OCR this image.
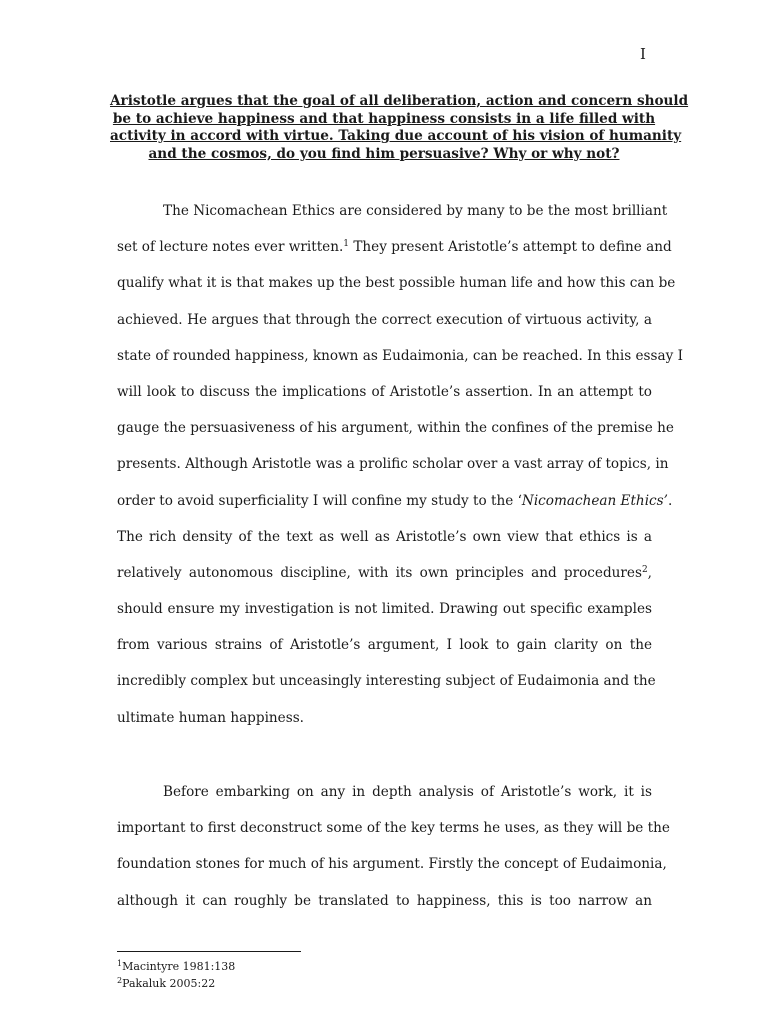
I
Aristotle argues that the goal of all deliberation, action and concern should
be to achieve happiness and that happiness consists in a life filled with
activity in accord with virtue. Taking due account of his vision of humanity
and the cosmos, do you find him persuasive? Why or why not?

The Nicomachean Ethics are considered by many to be the most brilliant
set of lecture notes ever written.$^1$ They present Aristotle’s attempt to define and
qualify what it is that makes up the best possible human life and how this can be
achieved. He argues that through the correct execution of virtuous activity, a
state of rounded happiness, known as Eudaimonia, can be reached. In this essay I
will look to discuss the implications of Aristotle’s assertion. In an attempt to
gauge the persuasiveness of his argument, within the confines of the premise he
presents. Although Aristotle was a prolific scholar over a vast array of topics, in
order to avoid superficiality I will confine my study to the ‘Nicomachean Ethics’.
The rich density of the text as well as Aristotle’s own view that ethics is a
relatively autonomous discipline, with its own principles and procedures$^2$,
should ensure my investigation is not limited. Drawing out specific examples
from various strains of Aristotle’s argument, I look to gain clarity on the
incredibly complex but unceasingly interesting subject of Eudaimonia and the
ultimate human happiness.

Before embarking on any in depth analysis of Aristotle’s work, it is
important to first deconstruct some of the key terms he uses, as they will be the
foundation stones for much of his argument. Firstly the concept of Eudaimonia,
although it can roughly be translated to happiness, this is too narrow an

$^1$Macintyre 1981:138
$^2$Pakaluk 2005:22
